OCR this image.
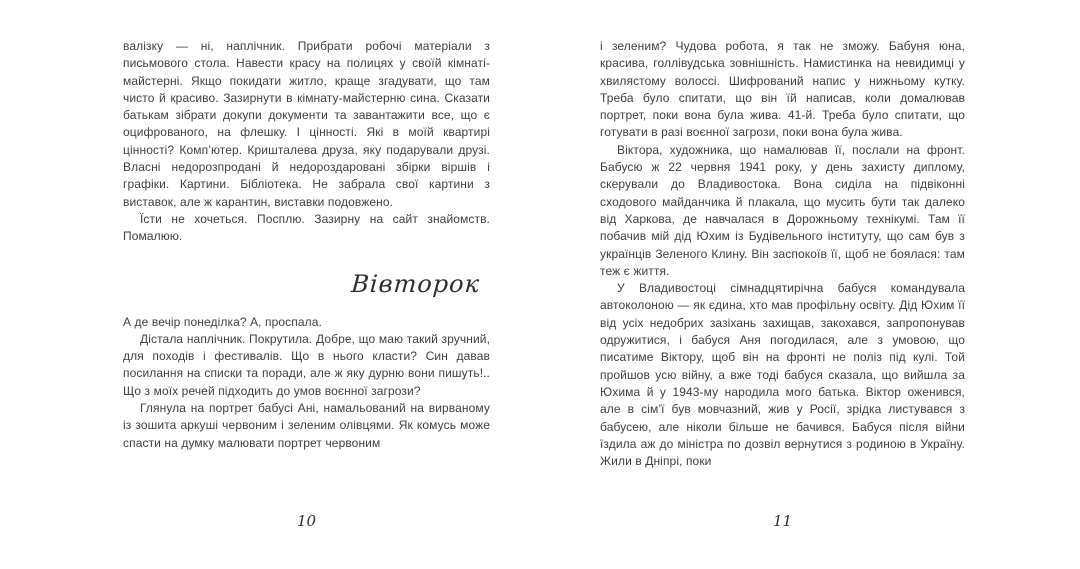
валізку — ні, наплічник. Прибрати робочі матеріали з письмового стола. Навести красу на полицях у своїй кімнаті-майстерні. Якщо покидати житло, краще згадувати, що там чисто й красиво. Зазирнути в кімнату-майстерню сина. Сказати батькам зібрати докупи документи та завантажити все, що є оцифрованого, на флешку. І цінності. Які в моїй квартирі цінності? Комп’ютер. Кришталева друза, яку подарували друзі. Власні недорозпродані й недороздаровані збірки віршів і графіки. Картини. Бібліотека. Не забрала свої картини з виставок, але ж карантин, виставки подовжено.

Їсти не хочеться. Посплю. Зазирну на сайт знайомств. Помалюю.

Вівторок

А де вечір понеділка? А, проспала.

Дістала наплічник. Покрутила. Добре, що маю такий зручний, для походів і фестивалів. Що в нього класти? Син давав посилання на списки та поради, але ж яку дурню вони пишуть!.. Що з моїх речей підходить до умов воєнної загрози?

Глянула на портрет бабусі Ані, намальований на вирваному із зошита аркуші червоним і зеленим олівцями. Як комусь може спасти на думку малювати портрет червоним

10

і зеленим? Чудова робота, я так не зможу. Бабуня юна, красива, голлівудська зовнішність. Намистинка на невидимці у хвилястому волоссі. Шифрований напис у нижньому кутку. Треба було спитати, що він їй написав, коли домалював портрет, поки вона була жива. 41-й. Треба було спитати, що готувати в разі воєнної загрози, поки вона була жива.

Віктора, художника, що намалював її, послали на фронт. Бабусю ж 22 червня 1941 року, у день захисту диплому, скерували до Владивостока. Вона сиділа на підвіконні сходового майданчика й плакала, що мусить бути так далеко від Харкова, де навчалася в Дорожньому технікумі. Там її побачив мій дід Юхим із Будівельного інституту, що сам був з українців Зеленого Клину. Він заспокоїв її, щоб не боялася: там теж є життя.

У Владивостоці сімнадцятирічна бабуся командувала автоколоною — як єдина, хто мав профільну освіту. Дід Юхим її від усіх недобрих зазіхань захищав, закохався, запропонував одружитися, і бабуся Аня погодилася, але з умовою, що писатиме Віктору, щоб він на фронті не поліз під кулі. Той пройшов усю війну, а вже тоді бабуся сказала, що вийшла за Юхима й у 1943-му народила мого батька. Віктор оженився, але в сім’ї був мовчазний, жив у Росії, зрідка листувався з бабусею, але ніколи більше не бачився. Бабуся після війни їздила аж до міністра по дозвіл вернутися з родиною в Україну. Жили в Дніпрі, поки

11
